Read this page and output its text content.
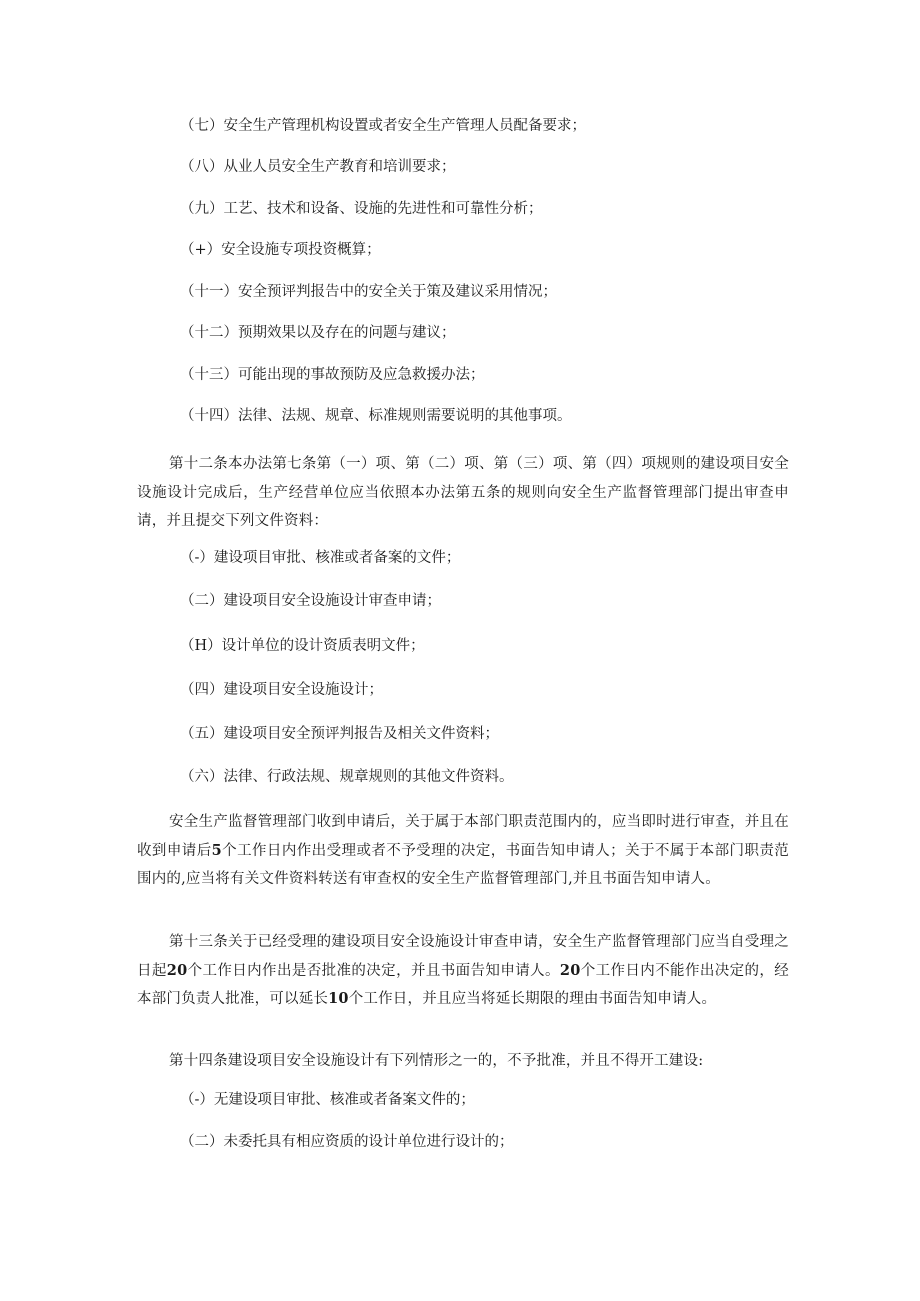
（七）安全生产管理机构设置或者安全生产管理人员配备要求；
（八）从业人员安全生产教育和培训要求；
（九）工艺、技术和设备、设施的先进性和可靠性分析；
（+）安全设施专项投资概算；
（十一）安全预评判报告中的安全关于策及建议采用情况；
（十二）预期效果以及存在的问题与建议；
（十三）可能出现的事故预防及应急救援办法；
（十四）法律、法规、规章、标准规则需要说明的其他事项。
第十二条本办法第七条第（一）项、第（二）项、第（三）项、第（四）项规则的建设项目安全设施设计完成后，生产经营单位应当依照本办法第五条的规则向安全生产监督管理部门提出审查申请，并且提交下列文件资料：
（-）建设项目审批、核准或者备案的文件；
（二）建设项目安全设施设计审查申请；
（H）设计单位的设计资质表明文件；
（四）建设项目安全设施设计；
（五）建设项目安全预评判报告及相关文件资料；
（六）法律、行政法规、规章规则的其他文件资料。
安全生产监督管理部门收到申请后，关于属于本部门职责范围内的，应当即时进行审查，并且在收到申请后5个工作日内作出受理或者不予受理的决定，书面告知申请人；关于不属于本部门职责范围内的,应当将有关文件资料转送有审查权的安全生产监督管理部门,并且书面告知申请人。
第十三条关于已经受理的建设项目安全设施设计审查申请，安全生产监督管理部门应当自受理之日起20个工作日内作出是否批准的决定，并且书面告知申请人。20个工作日内不能作出决定的，经本部门负责人批准，可以延长10个工作日，并且应当将延长期限的理由书面告知申请人。
第十四条建设项目安全设施设计有下列情形之一的，不予批准，并且不得开工建设:
（-）无建设项目审批、核准或者备案文件的；
（二）未委托具有相应资质的设计单位进行设计的；
